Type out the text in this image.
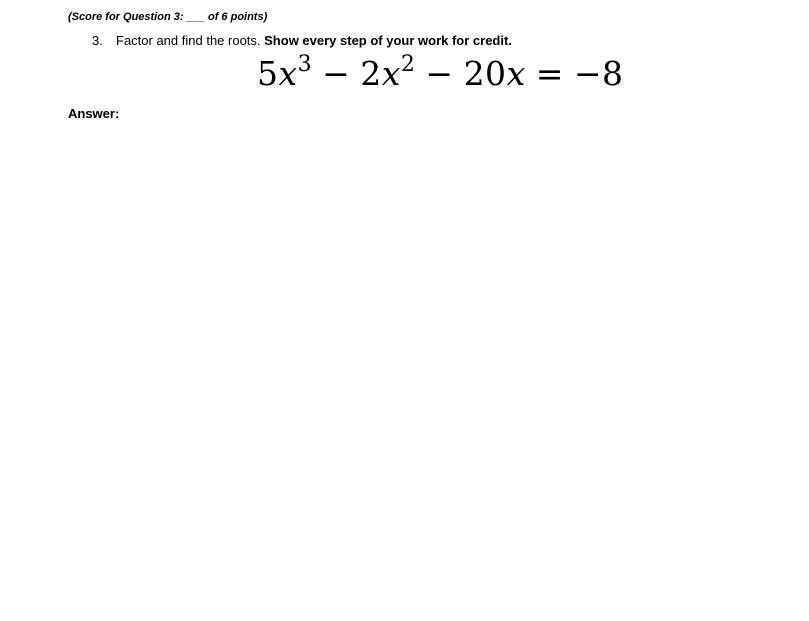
(Score for Question 3: ___ of 6 points)
3. Factor and find the roots. Show every step of your work for credit.
$5x^3 - 2x^2 - 20x = -8$
Answer:
